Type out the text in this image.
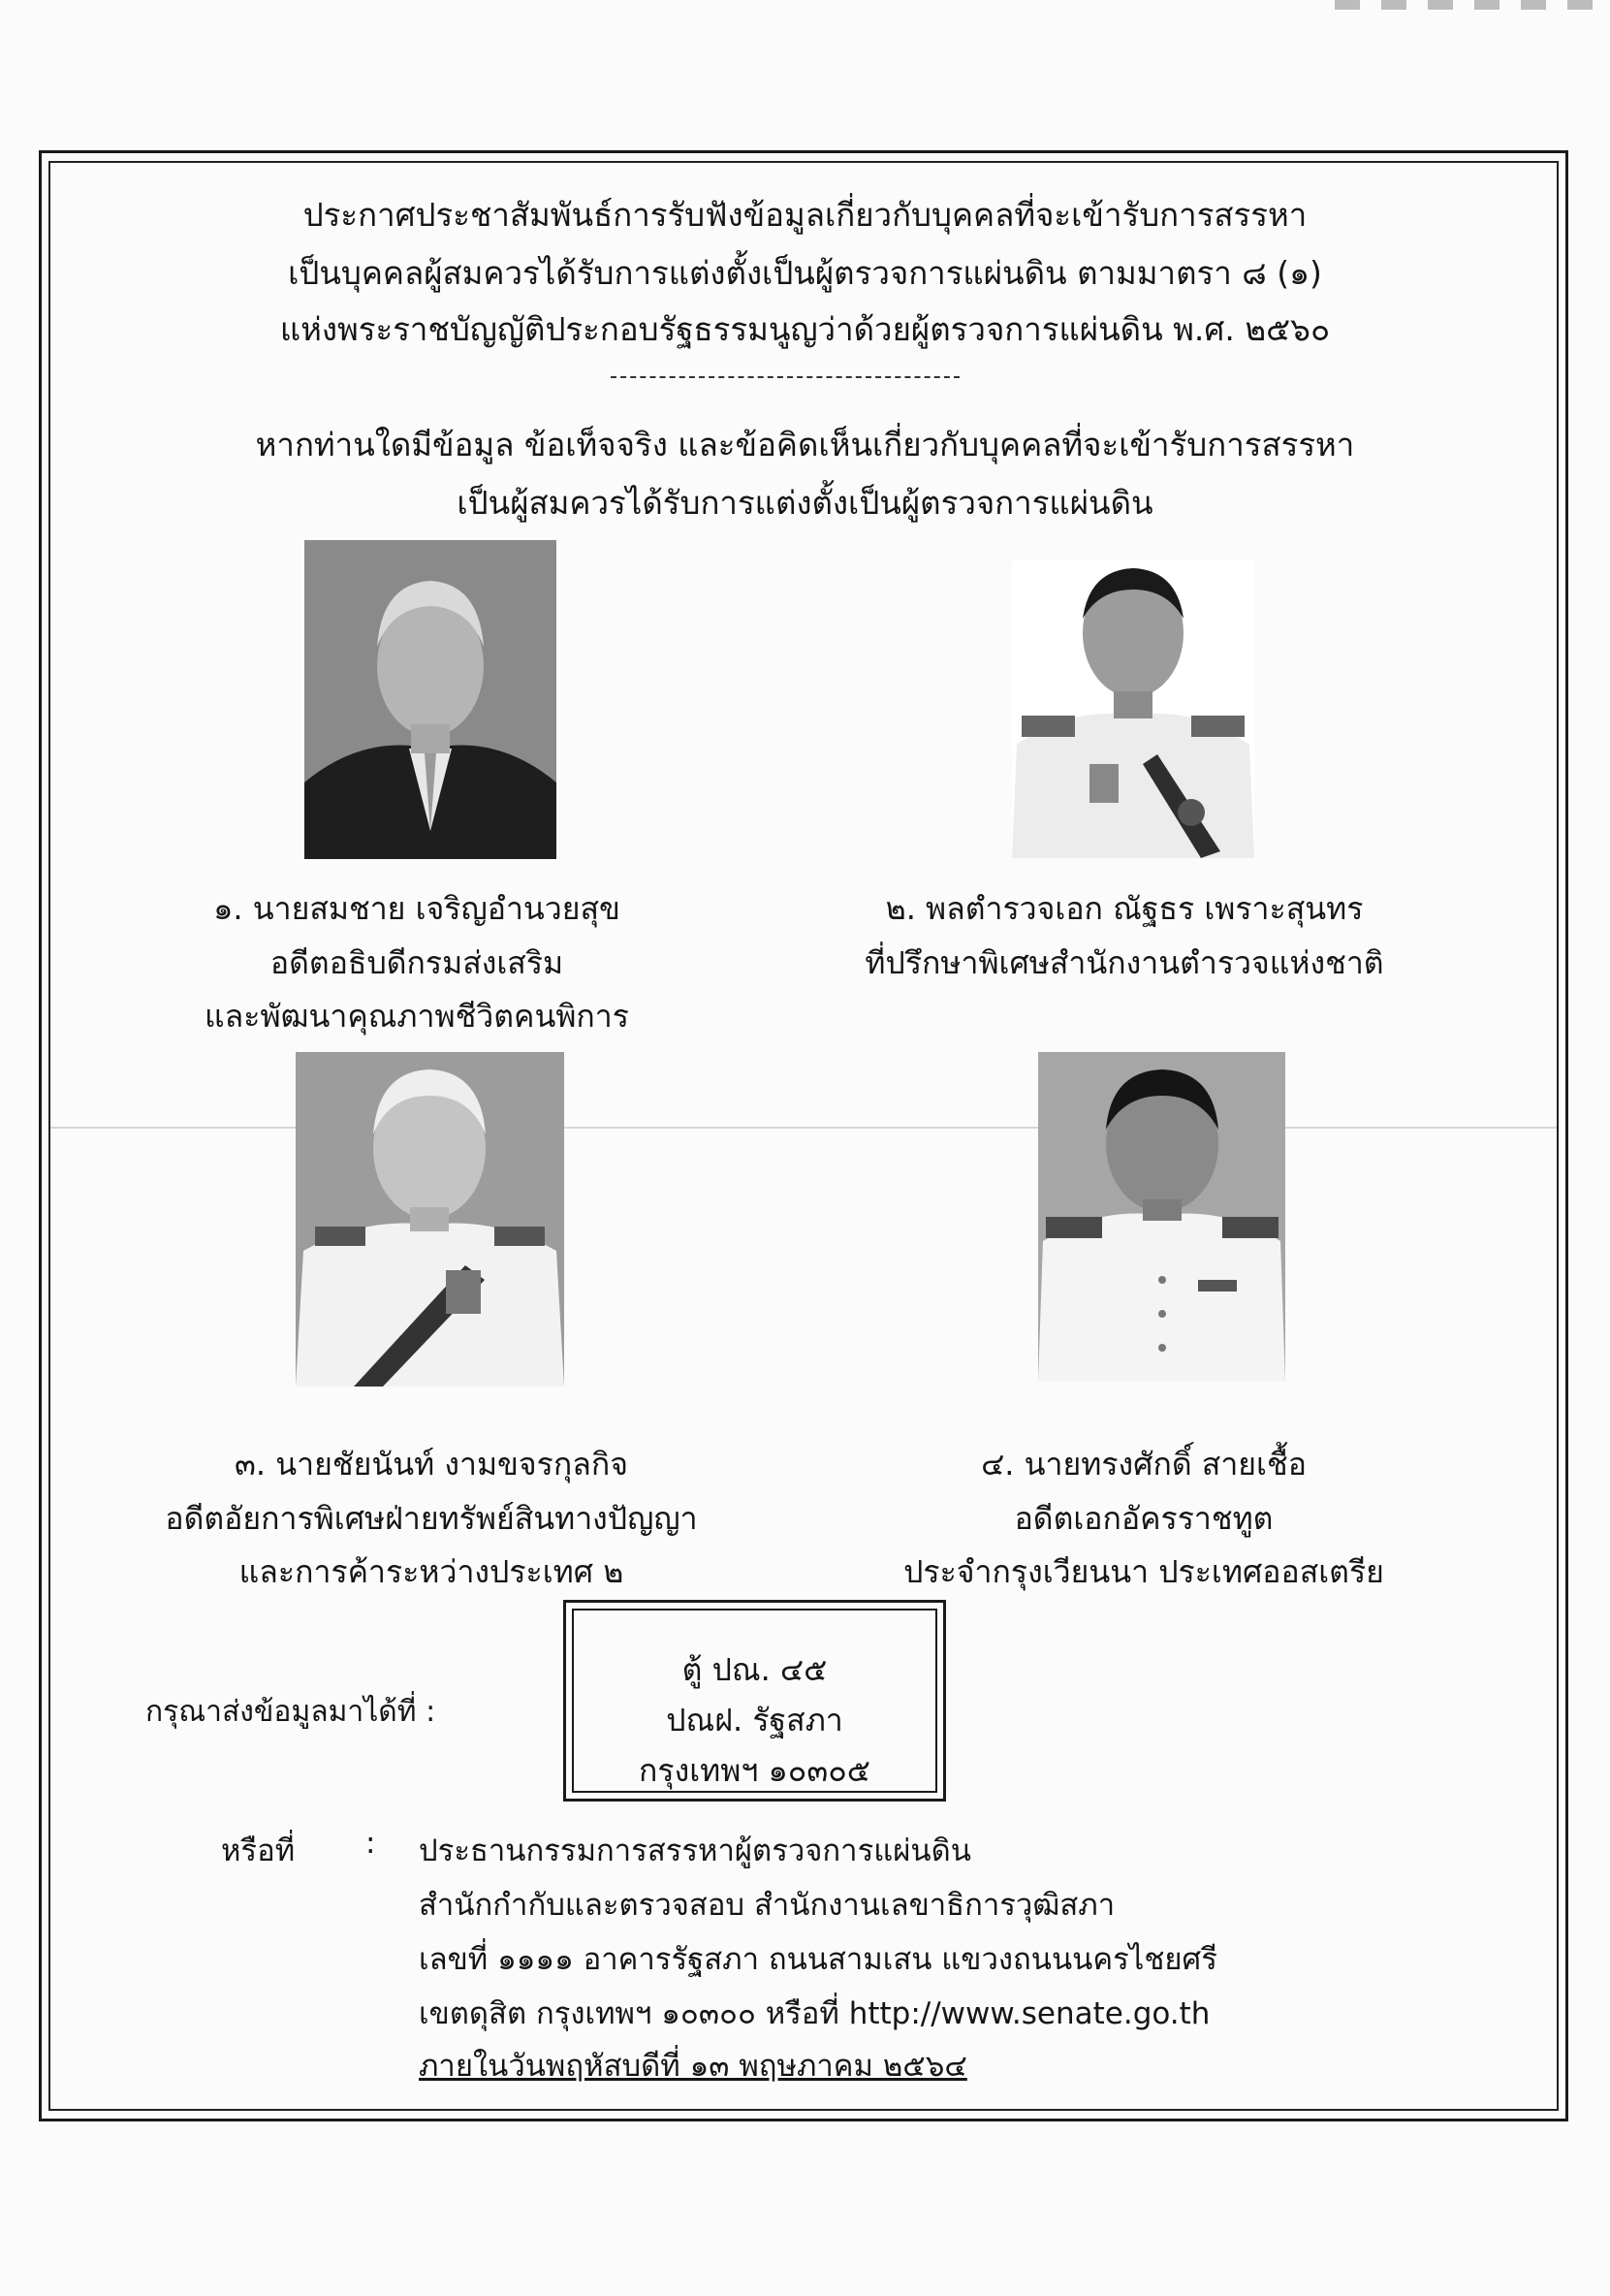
ประกาศประชาสัมพันธ์การรับฟังข้อมูลเกี่ยวกับบุคคลที่จะเข้ารับการสรรหา
เป็นบุคคลผู้สมควรได้รับการแต่งตั้งเป็นผู้ตรวจการแผ่นดิน ตามมาตรา ๘ (๑)
แห่งพระราชบัญญัติประกอบรัฐธรรมนูญว่าด้วยผู้ตรวจการแผ่นดิน พ.ศ. ๒๕๖๐
หากท่านใดมีข้อมูล ข้อเท็จจริง และข้อคิดเห็นเกี่ยวกับบุคคลที่จะเข้ารับการสรรหา
เป็นผู้สมควรได้รับการแต่งตั้งเป็นผู้ตรวจการแผ่นดิน
๑. นายสมชาย เจริญอำนวยสุข
อดีตอธิบดีกรมส่งเสริม
และพัฒนาคุณภาพชีวิตคนพิการ
๒. พลตำรวจเอก ณัฐธร เพราะสุนทร
ที่ปรึกษาพิเศษสำนักงานตำรวจแห่งชาติ
๓. นายชัยนันท์ งามขจรกุลกิจ
อดีตอัยการพิเศษฝ่ายทรัพย์สินทางปัญญา
และการค้าระหว่างประเทศ ๒
๔. นายทรงศักดิ์ สายเชื้อ
อดีตเอกอัครราชทูต
ประจำกรุงเวียนนา ประเทศออสเตรีย
กรุณาส่งข้อมูลมาได้ที่ :
ตู้ ปณ. ๔๕
ปณฝ. รัฐสภา
กรุงเทพฯ ๑๐๓๐๕
หรือที่ : ประธานกรรมการสรรหาผู้ตรวจการแผ่นดิน
สำนักกำกับและตรวจสอบ สำนักงานเลขาธิการวุฒิสภา
เลขที่ ๑๑๑๑ อาคารรัฐสภา ถนนสามเสน แขวงถนนนครไชยศรี
เขตดุสิต กรุงเทพฯ ๑๐๓๐๐ หรือที่ http://www.senate.go.th
ภายในวันพฤหัสบดีที่ ๑๓ พฤษภาคม ๒๕๖๔
